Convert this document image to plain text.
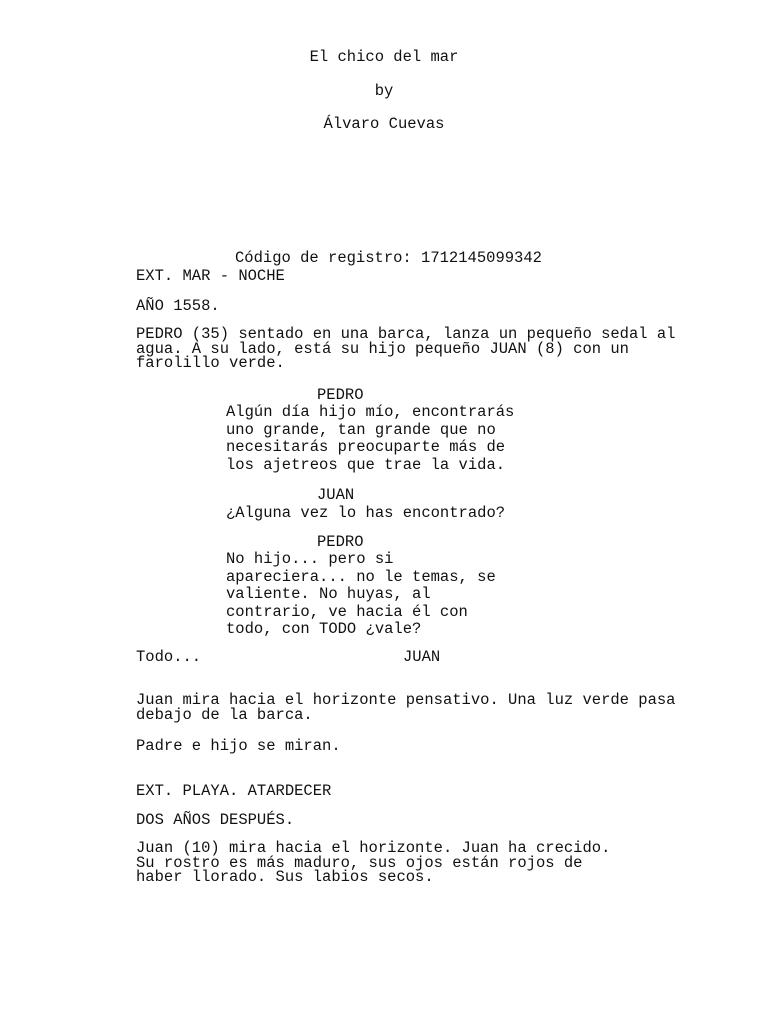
El chico del mar
by
Álvaro Cuevas
Código de registro: 1712145099342
EXT. MAR - NOCHE
AÑO 1558.
PEDRO (35) sentado en una barca, lanza un pequeño sedal al agua. A su lado, está su hijo pequeño JUAN (8) con un farolillo verde.
PEDRO
Algún día hijo mío, encontrarás uno grande, tan grande que no necesitarás preocuparte más de los ajetreos que trae la vida.
JUAN
¿Alguna vez lo has encontrado?
PEDRO
No hijo... pero si apareciera... no le temas, se valiente. No huyas, al contrario, ve hacia él con todo, con TODO ¿vale?
Todo...	JUAN
Juan mira hacia el horizonte pensativo. Una luz verde pasa debajo de la barca.
Padre e hijo se miran.
EXT. PLAYA. ATARDECER
DOS AÑOS DESPUÉS.
Juan (10) mira hacia el horizonte. Juan ha crecido. Su rostro es más maduro, sus ojos están rojos de haber llorado. Sus labios secos.
